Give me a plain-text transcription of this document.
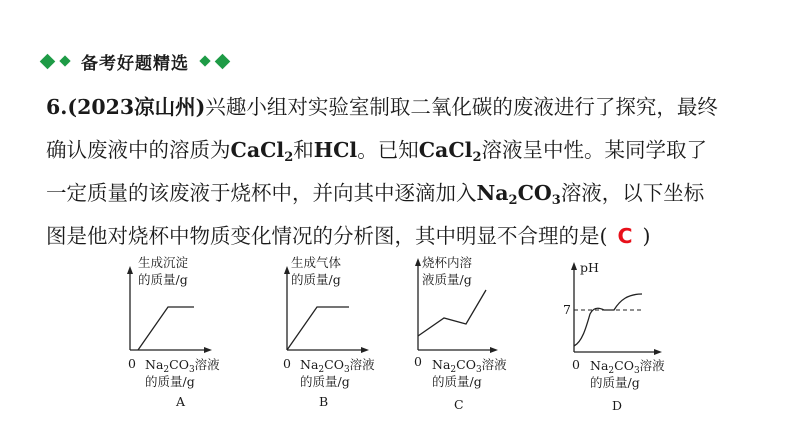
备考好题精选
6.(2023凉山州)兴趣小组对实验室制取二氧化碳的废液进行了探究，最终
确认废液中的溶质为CaCl$_2$和HCl。已知CaCl$_2$溶液呈中性。某同学取了
一定质量的该废液于烧杯中，并向其中逐滴加入$Na_2CO_3$溶液，以下坐标
图是他对烧杯中物质变化情况的分析图，其中明显不合理的是( C )
生成沉淀
的质量/g
0 $Na_2CO_3$溶液
的质量/g
A
生成气体
的质量/g
0 $Na_2CO_3$溶液
的质量/g
B
烧杯内溶
液质量/g
0 $Na_2CO_3$溶液
的质量/g
C
pH
7
0 $Na_2CO_3$溶液
的质量/g
D
